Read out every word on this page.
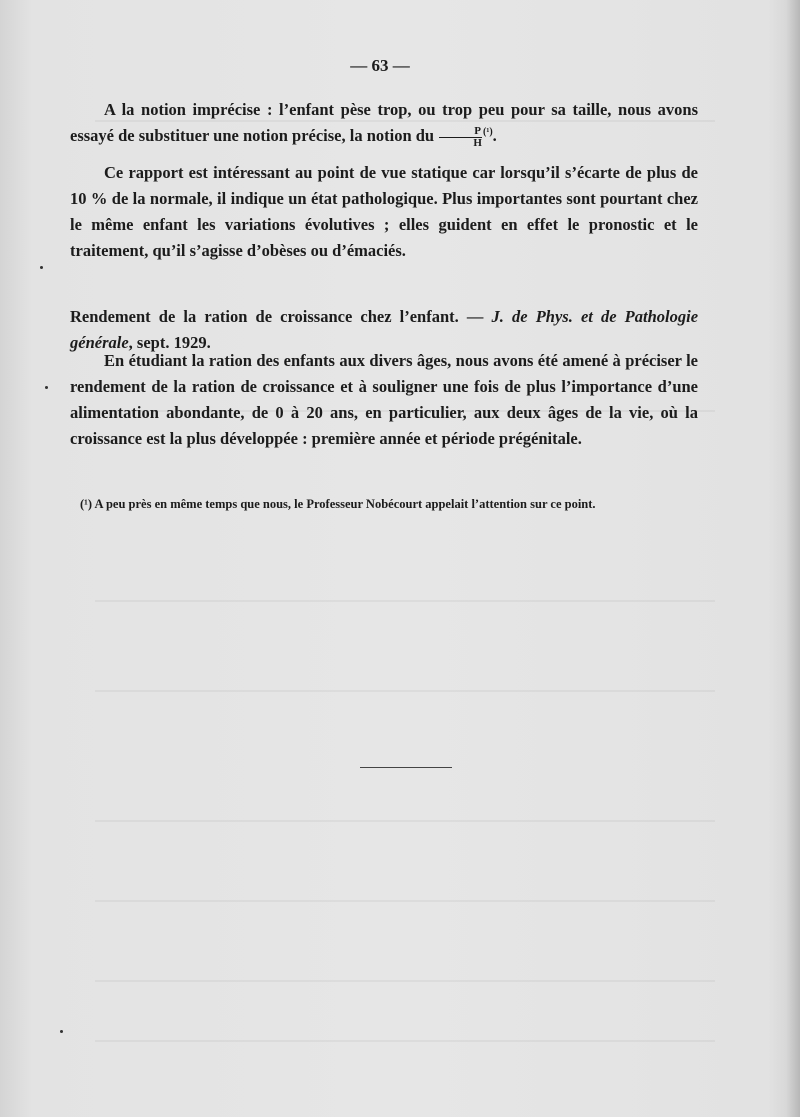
— 63 —

A la notion imprécise : l’enfant pèse trop, ou trop peu pour sa taille, nous avons essayé de substituer une notion précise, la notion du $\frac{P}{H} ^{(^1)}$.

Ce rapport est intéressant au point de vue statique car lorsqu’il s’écarte de plus de 10 % de la normale, il indique un état pathologique. Plus importantes sont pourtant chez le même enfant les variations évolutives ; elles guident en effet le pronostic et le traitement, qu’il s’agisse d’obèses ou d’émaciés.

Rendement de la ration de croissance chez l’enfant. — J. de Phys. et de Pathologie générale, sept. 1929.

En étudiant la ration des enfants aux divers âges, nous avons été amené à préciser le rendement de la ration de croissance et à souligner une fois de plus l’importance d’une alimentation abondante, de 0 à 20 ans, en particulier, aux deux âges de la vie, où la croissance est la plus développée : première année et période prégénitale.

(¹) A peu près en même temps que nous, le Professeur Nobécourt appelait l’attention sur ce point.
